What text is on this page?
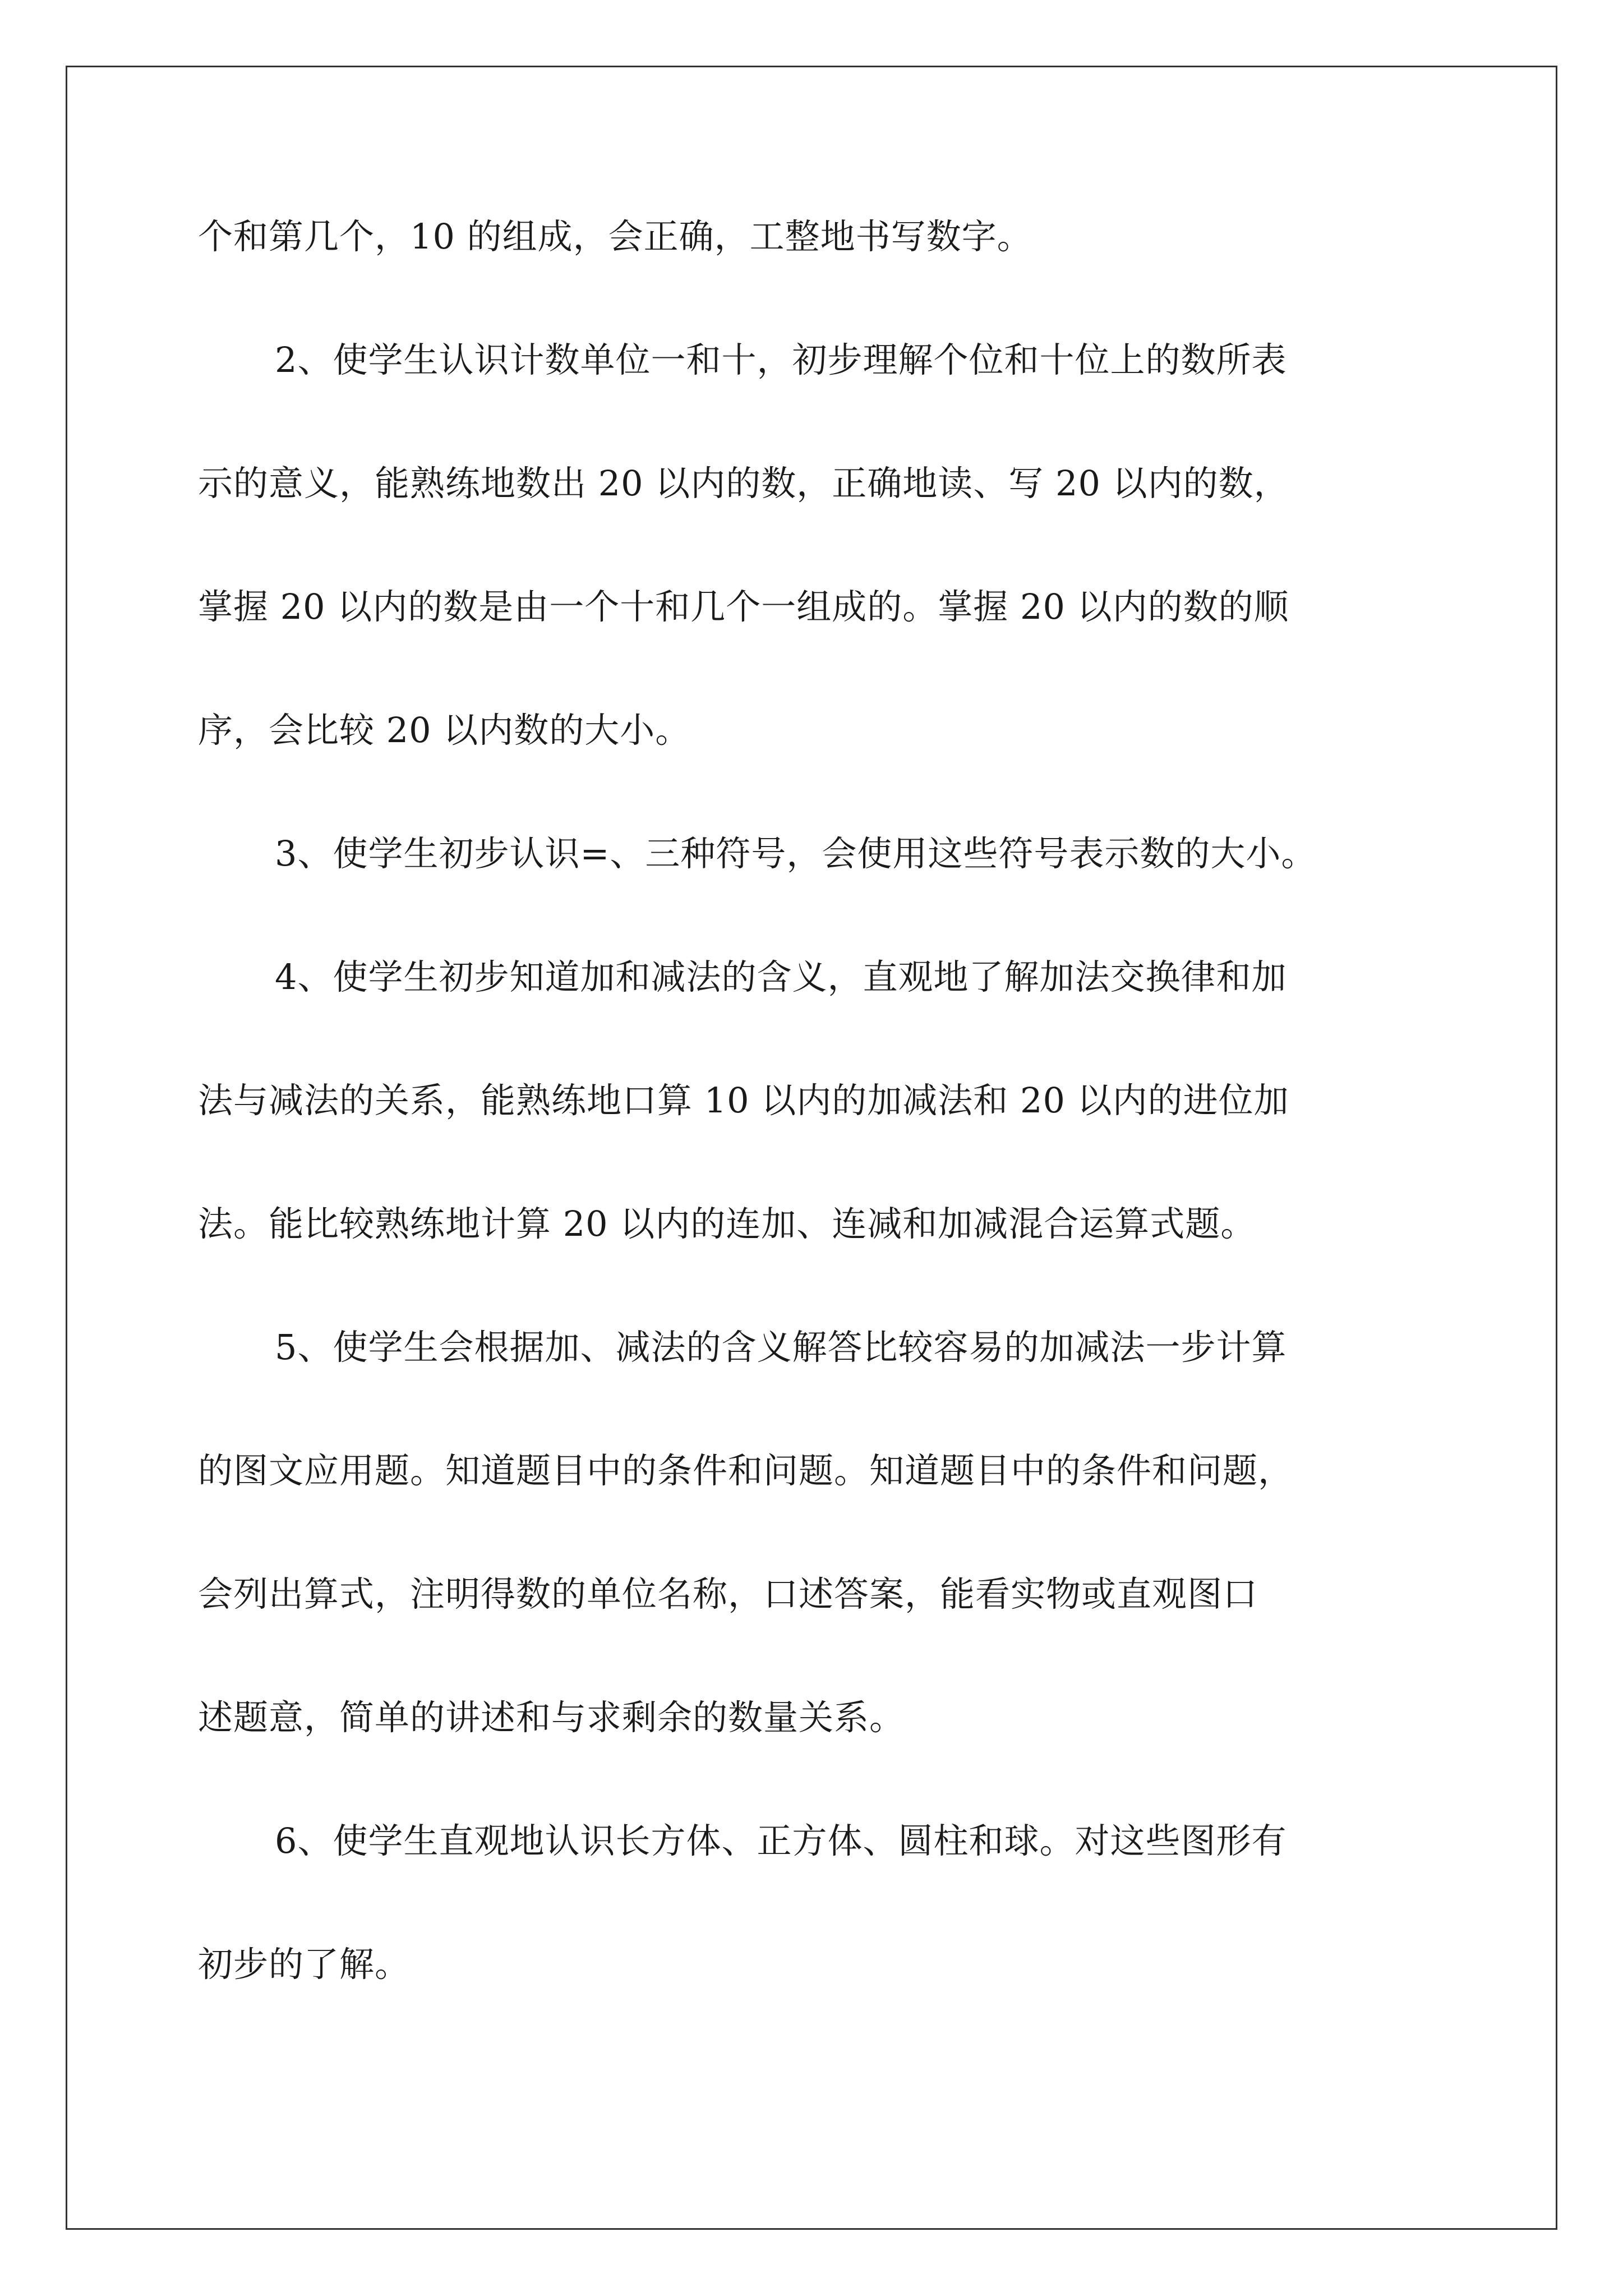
个和第几个，10 的组成，会正确，工整地书写数字。
2、使学生认识计数单位一和十，初步理解个位和十位上的数所表
示的意义，能熟练地数出 20 以内的数，正确地读、写 20 以内的数，
掌握 20 以内的数是由一个十和几个一组成的。掌握 20 以内的数的顺
序，会比较 20 以内数的大小。
3、使学生初步认识=、三种符号，会使用这些符号表示数的大小。
4、使学生初步知道加和减法的含义，直观地了解加法交换律和加
法与减法的关系，能熟练地口算 10 以内的加减法和 20 以内的进位加
法。能比较熟练地计算 20 以内的连加、连减和加减混合运算式题。
5、使学生会根据加、减法的含义解答比较容易的加减法一步计算
的图文应用题。知道题目中的条件和问题。知道题目中的条件和问题，
会列出算式，注明得数的单位名称，口述答案，能看实物或直观图口
述题意，简单的讲述和与求剩余的数量关系。
6、使学生直观地认识长方体、正方体、圆柱和球。对这些图形有
初步的了解。
